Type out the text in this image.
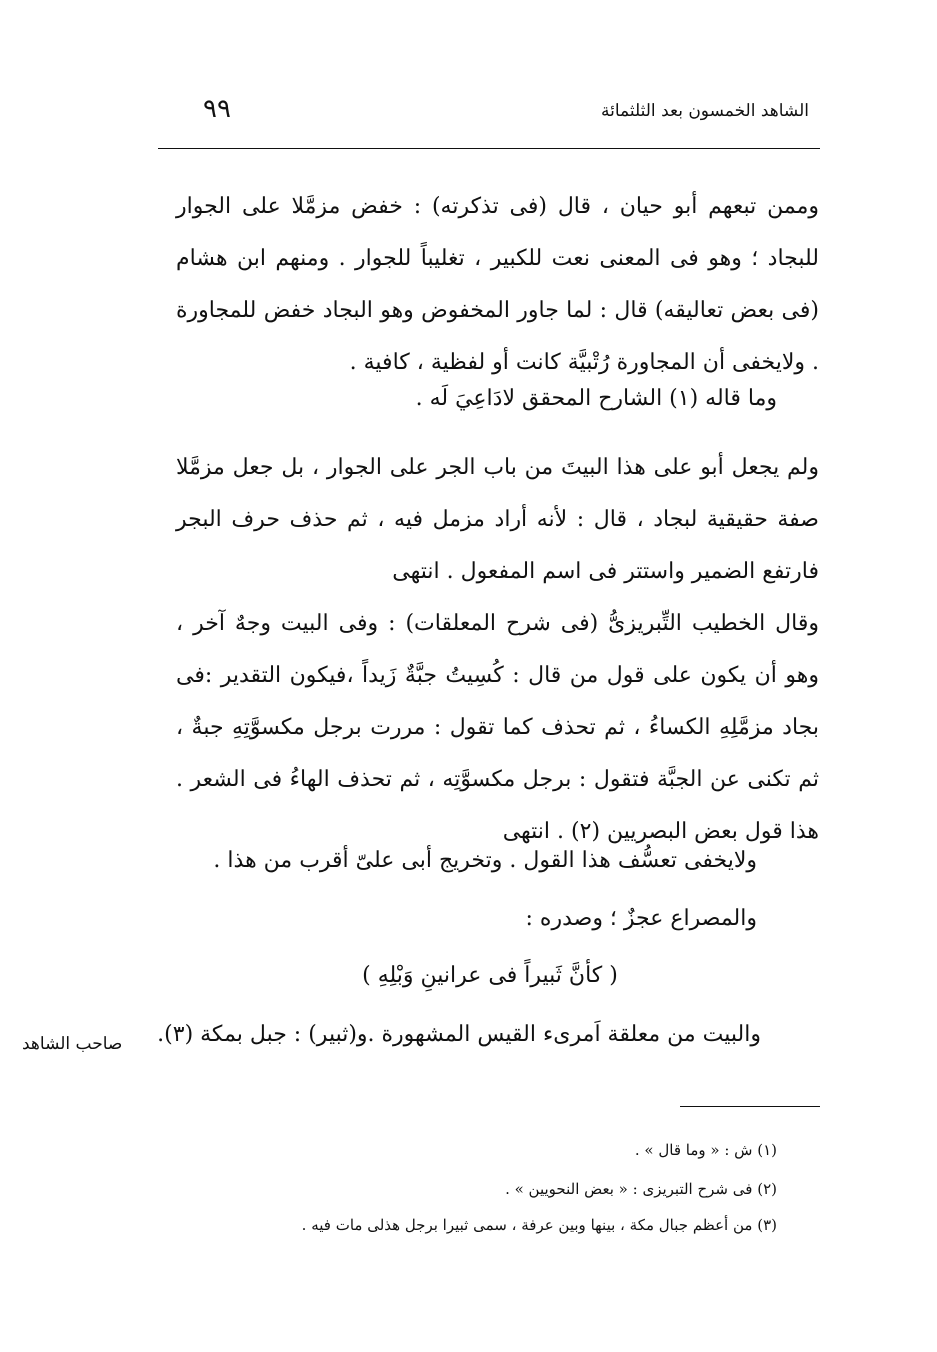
الشاهد الخمسون بعد الثلثمائة
٩٩
وممن تبعهم أبو حيان ، قال (فى تذكرته) : خفض مزمَّلا على الجوار للبجاد ؛ وهو فى المعنى نعت للكبير ، تغليباً للجوار . ومنهم ابن هشام (فى بعض تعاليقه) قال : لما جاور المخفوض وهو البجاد خفض للمجاورة . ولايخفى أن المجاورة رُتْبيَّة كانت أو لفظية ، كافية .
وما قاله (١) الشارح المحقق لادَاعِيَ لَه .
ولم يجعل أبو على هذا البيتَ من باب الجر على الجوار ، بل جعل مزمَّلا صفة حقيقية لبجاد ، قال : لأنه أراد مزمل فيه ، ثم حذف حرف البجر فارتفع الضمير واستتر فى اسم المفعول . انتهى
وقال الخطيب التِّبريزىُّ (فى شرح المعلقات) : وفى البيت وجهٌ آخر ، وهو أن يكون على قول من قال : كُسِيتُ جبَّةٌ زَيداً ،فيكون التقدير :فى بجاد مزمَّلِهِ الكساءُ ، ثم تحذف كما تقول : مررت برجل مكسوَّتِهِ جبةٌ ، ثم تكنى عن الجبَّة فتقول : برجل مكسوَّتِه ، ثم تحذف الهاءُ فى الشعر . هذا قول بعض البصريين (٢) . انتهى
ولايخفى تعسُّف هذا القول . وتخريج أبى علىّ أقرب من هذا .
والمصراع عجزٌ ؛ وصدره :
( كأنَّ ثَبيراً فى عرانينِ وَبْلِهِ )
والبيت من معلقة اَمرىء القيس المشهورة .و(ثبير) : جبل بمكة (٣).
صاحب الشاهد
(١) ش : « وما قال » .
(٢) فى شرح التبريزى : « بعض النحويين » .
(٣) من أعظم جبال مكة ، بينها وبين عرفة ، سمى ثبيرا برجل هذلى مات فيه .
